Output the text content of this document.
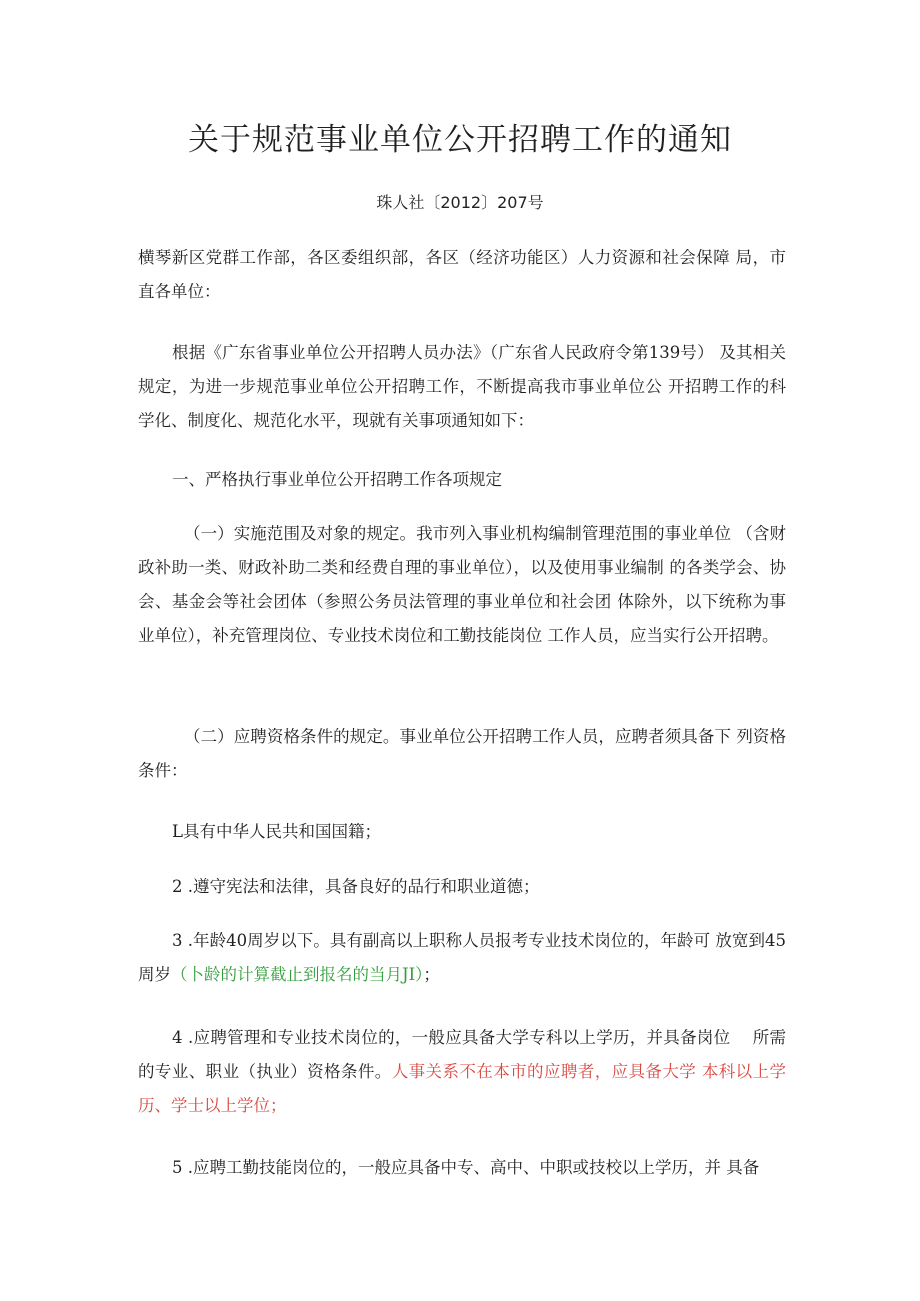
关于规范事业单位公开招聘工作的通知
珠人社〔2012〕207号
横琴新区党群工作部，各区委组织部，各区（经济功能区）人力资源和社会保障 局，市直各单位：
根据《广东省事业单位公开招聘人员办法》（广东省人民政府令第139号） 及其相关规定，为进一步规范事业单位公开招聘工作，不断提高我市事业单位公 开招聘工作的科学化、制度化、规范化水平，现就有关事项通知如下：
一、严格执行事业单位公开招聘工作各项规定
（一）实施范围及对象的规定。我市列入事业机构编制管理范围的事业单位 （含财政补助一类、财政补助二类和经费自理的事业单位），以及使用事业编制 的各类学会、协会、基金会等社会团体（参照公务员法管理的事业单位和社会团 体除外，以下统称为事业单位），补充管理岗位、专业技术岗位和工勤技能岗位 工作人员，应当实行公开招聘。
（二）应聘资格条件的规定。事业单位公开招聘工作人员，应聘者须具备下 列资格条件：
L具有中华人民共和国国籍；
2 .遵守宪法和法律，具备良好的品行和职业道德；
3 .年龄40周岁以下。具有副高以上职称人员报考专业技术岗位的，年龄可 放宽到45周岁（卜龄的计算截止到报名的当月JI）；
4 .应聘管理和专业技术岗位的，一般应具备大学专科以上学历，并具备岗位　 所需的专业、职业（执业）资格条件。人事关系不在本市的应聘者，应具备大学 本科以上学历、学士以上学位；
5 .应聘工勤技能岗位的，一般应具备中专、高中、中职或技校以上学历，并 具备
